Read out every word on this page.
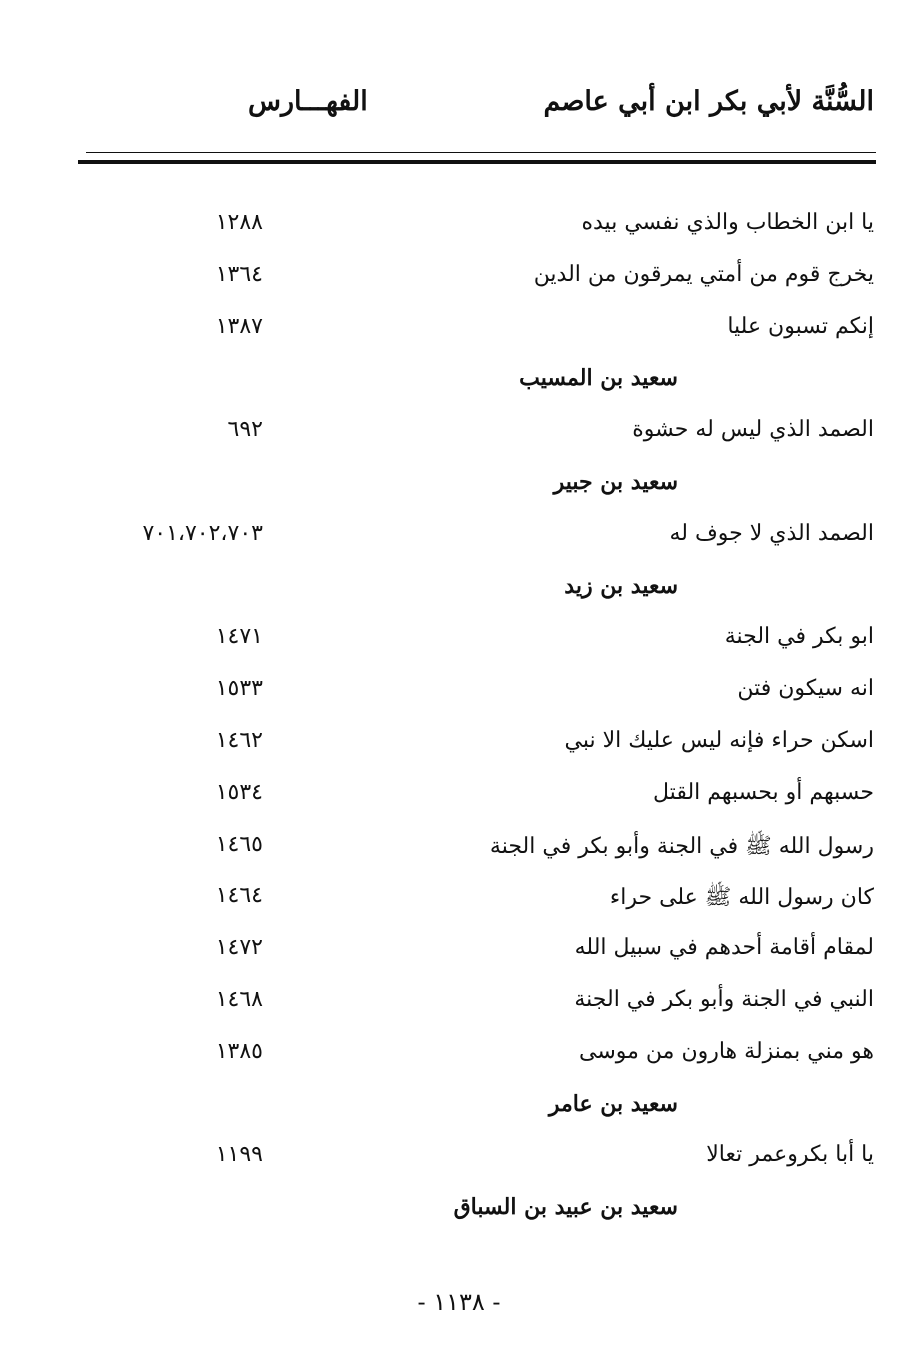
السُّنَّة لأبي بكر ابن أبي عاصم
الفهـــارس
يا ابن الخطاب والذي نفسي بيده
١٢٨٨
يخرج قوم من أمتي يمرقون من الدين
١٣٦٤
إنكم تسبون عليا
١٣٨٧
سعيد بن المسيب
الصمد الذي ليس له حشوة
٦٩٢
سعيد بن جبير
الصمد الذي لا جوف له
٧٠١،٧٠٢،٧٠٣
سعيد بن زيد
ابو بكر في الجنة
١٤٧١
انه سيكون فتن
١٥٣٣
اسكن حراء فإنه ليس عليك الا نبي
١٤٦٢
حسبهم أو بحسبهم القتل
١٥٣٤
رسول الله ﷺ في الجنة وأبو بكر في الجنة
١٤٦٥
كان رسول الله ﷺ على حراء
١٤٦٤
لمقام أقامة أحدهم في سبيل الله
١٤٧٢
النبي في الجنة وأبو بكر في الجنة
١٤٦٨
هو مني بمنزلة هارون من موسى
١٣٨٥
سعيد بن عامر
يا أبا بكروعمر تعالا
١١٩٩
سعيد بن عبيد بن السباق
- ١١٣٨ -
